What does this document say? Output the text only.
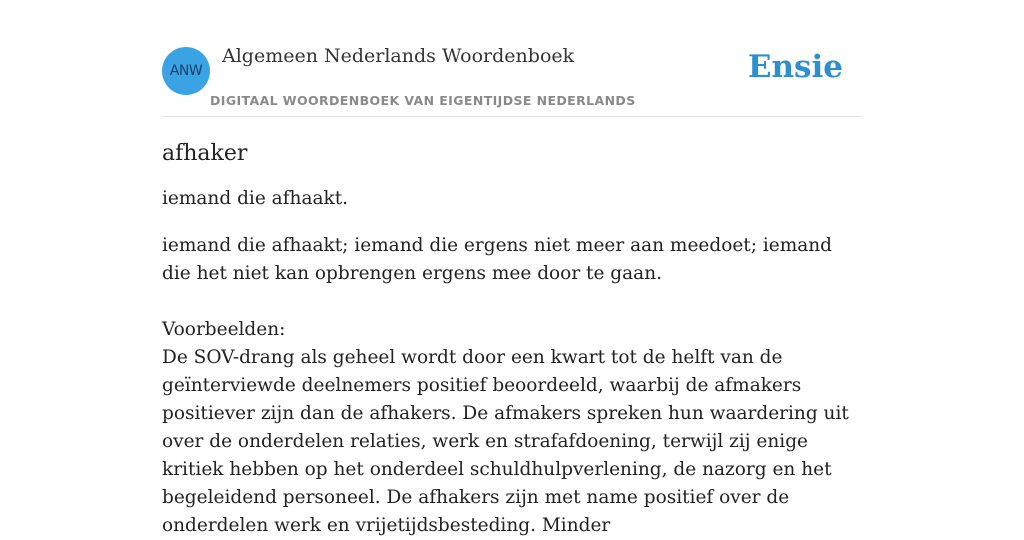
ANW
Algemeen Nederlands Woordenboek
DIGITAAL WOORDENBOEK VAN EIGENTIJDSE NEDERLANDS
Ensie
afhaker

iemand die afhaakt.

iemand die afhaakt; iemand die ergens niet meer aan meedoet; iemand die het niet kan opbrengen ergens mee door te gaan.

Voorbeelden:

De SOV-drang als geheel wordt door een kwart tot de helft van de geïnterviewde deelnemers positief beoordeeld, waarbij de afmakers positiever zijn dan de afhakers. De afmakers spreken hun waardering uit over de onderdelen relaties, werk en strafafdoening, terwijl zij enige kritiek hebben op het onderdeel schuldhulpverlening, de nazorg en het begeleidend personeel. De afhakers zijn met name positief over de onderdelen werk en vrijetijdsbesteding. Minder
